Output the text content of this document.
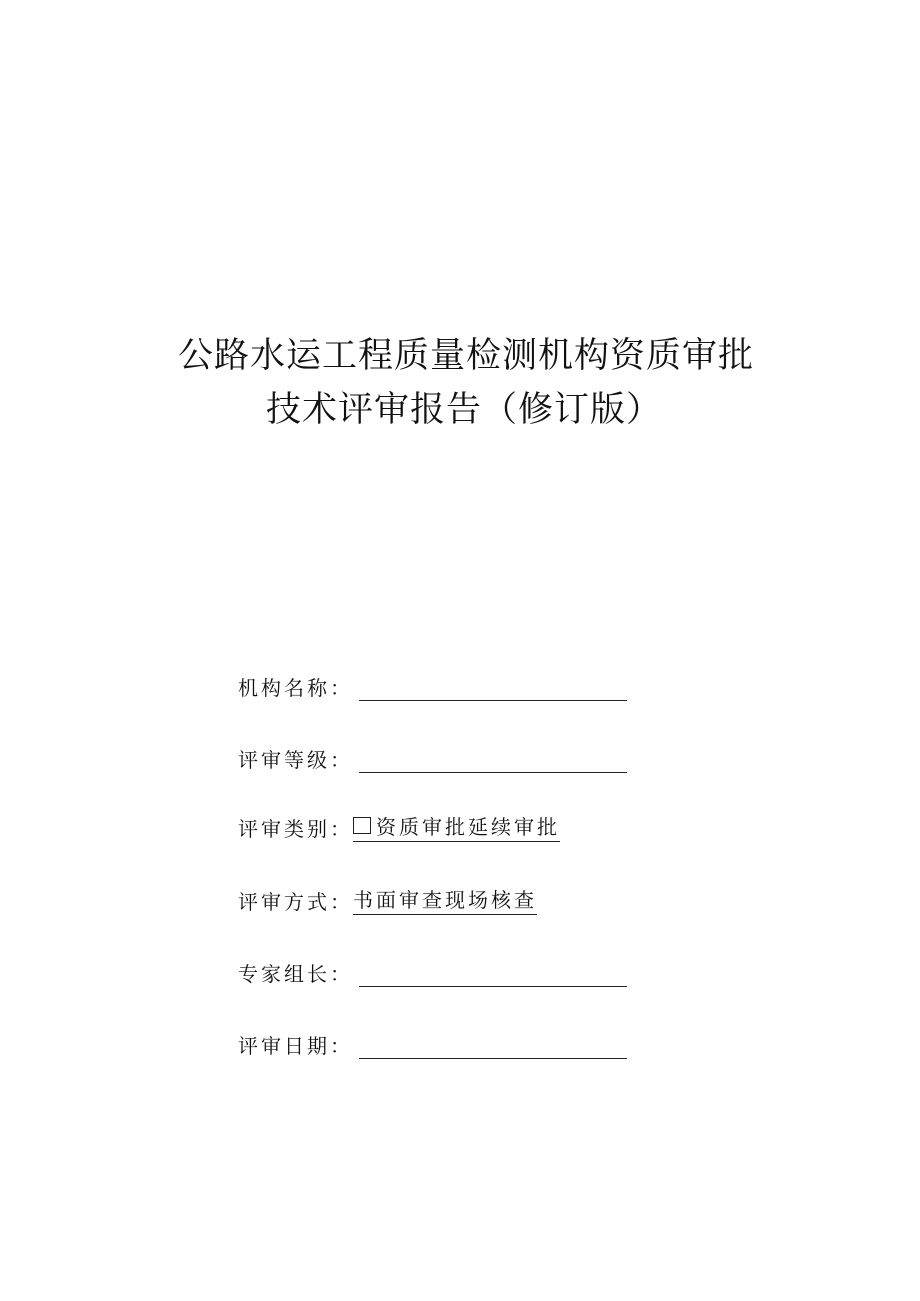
公路水运工程质量检测机构资质审批
技术评审报告（修订版）
机构名称：
评审等级：
评审类别：	资质审批延续审批
评审方式： 书面审查现场核查
专家组长：
评审日期：
